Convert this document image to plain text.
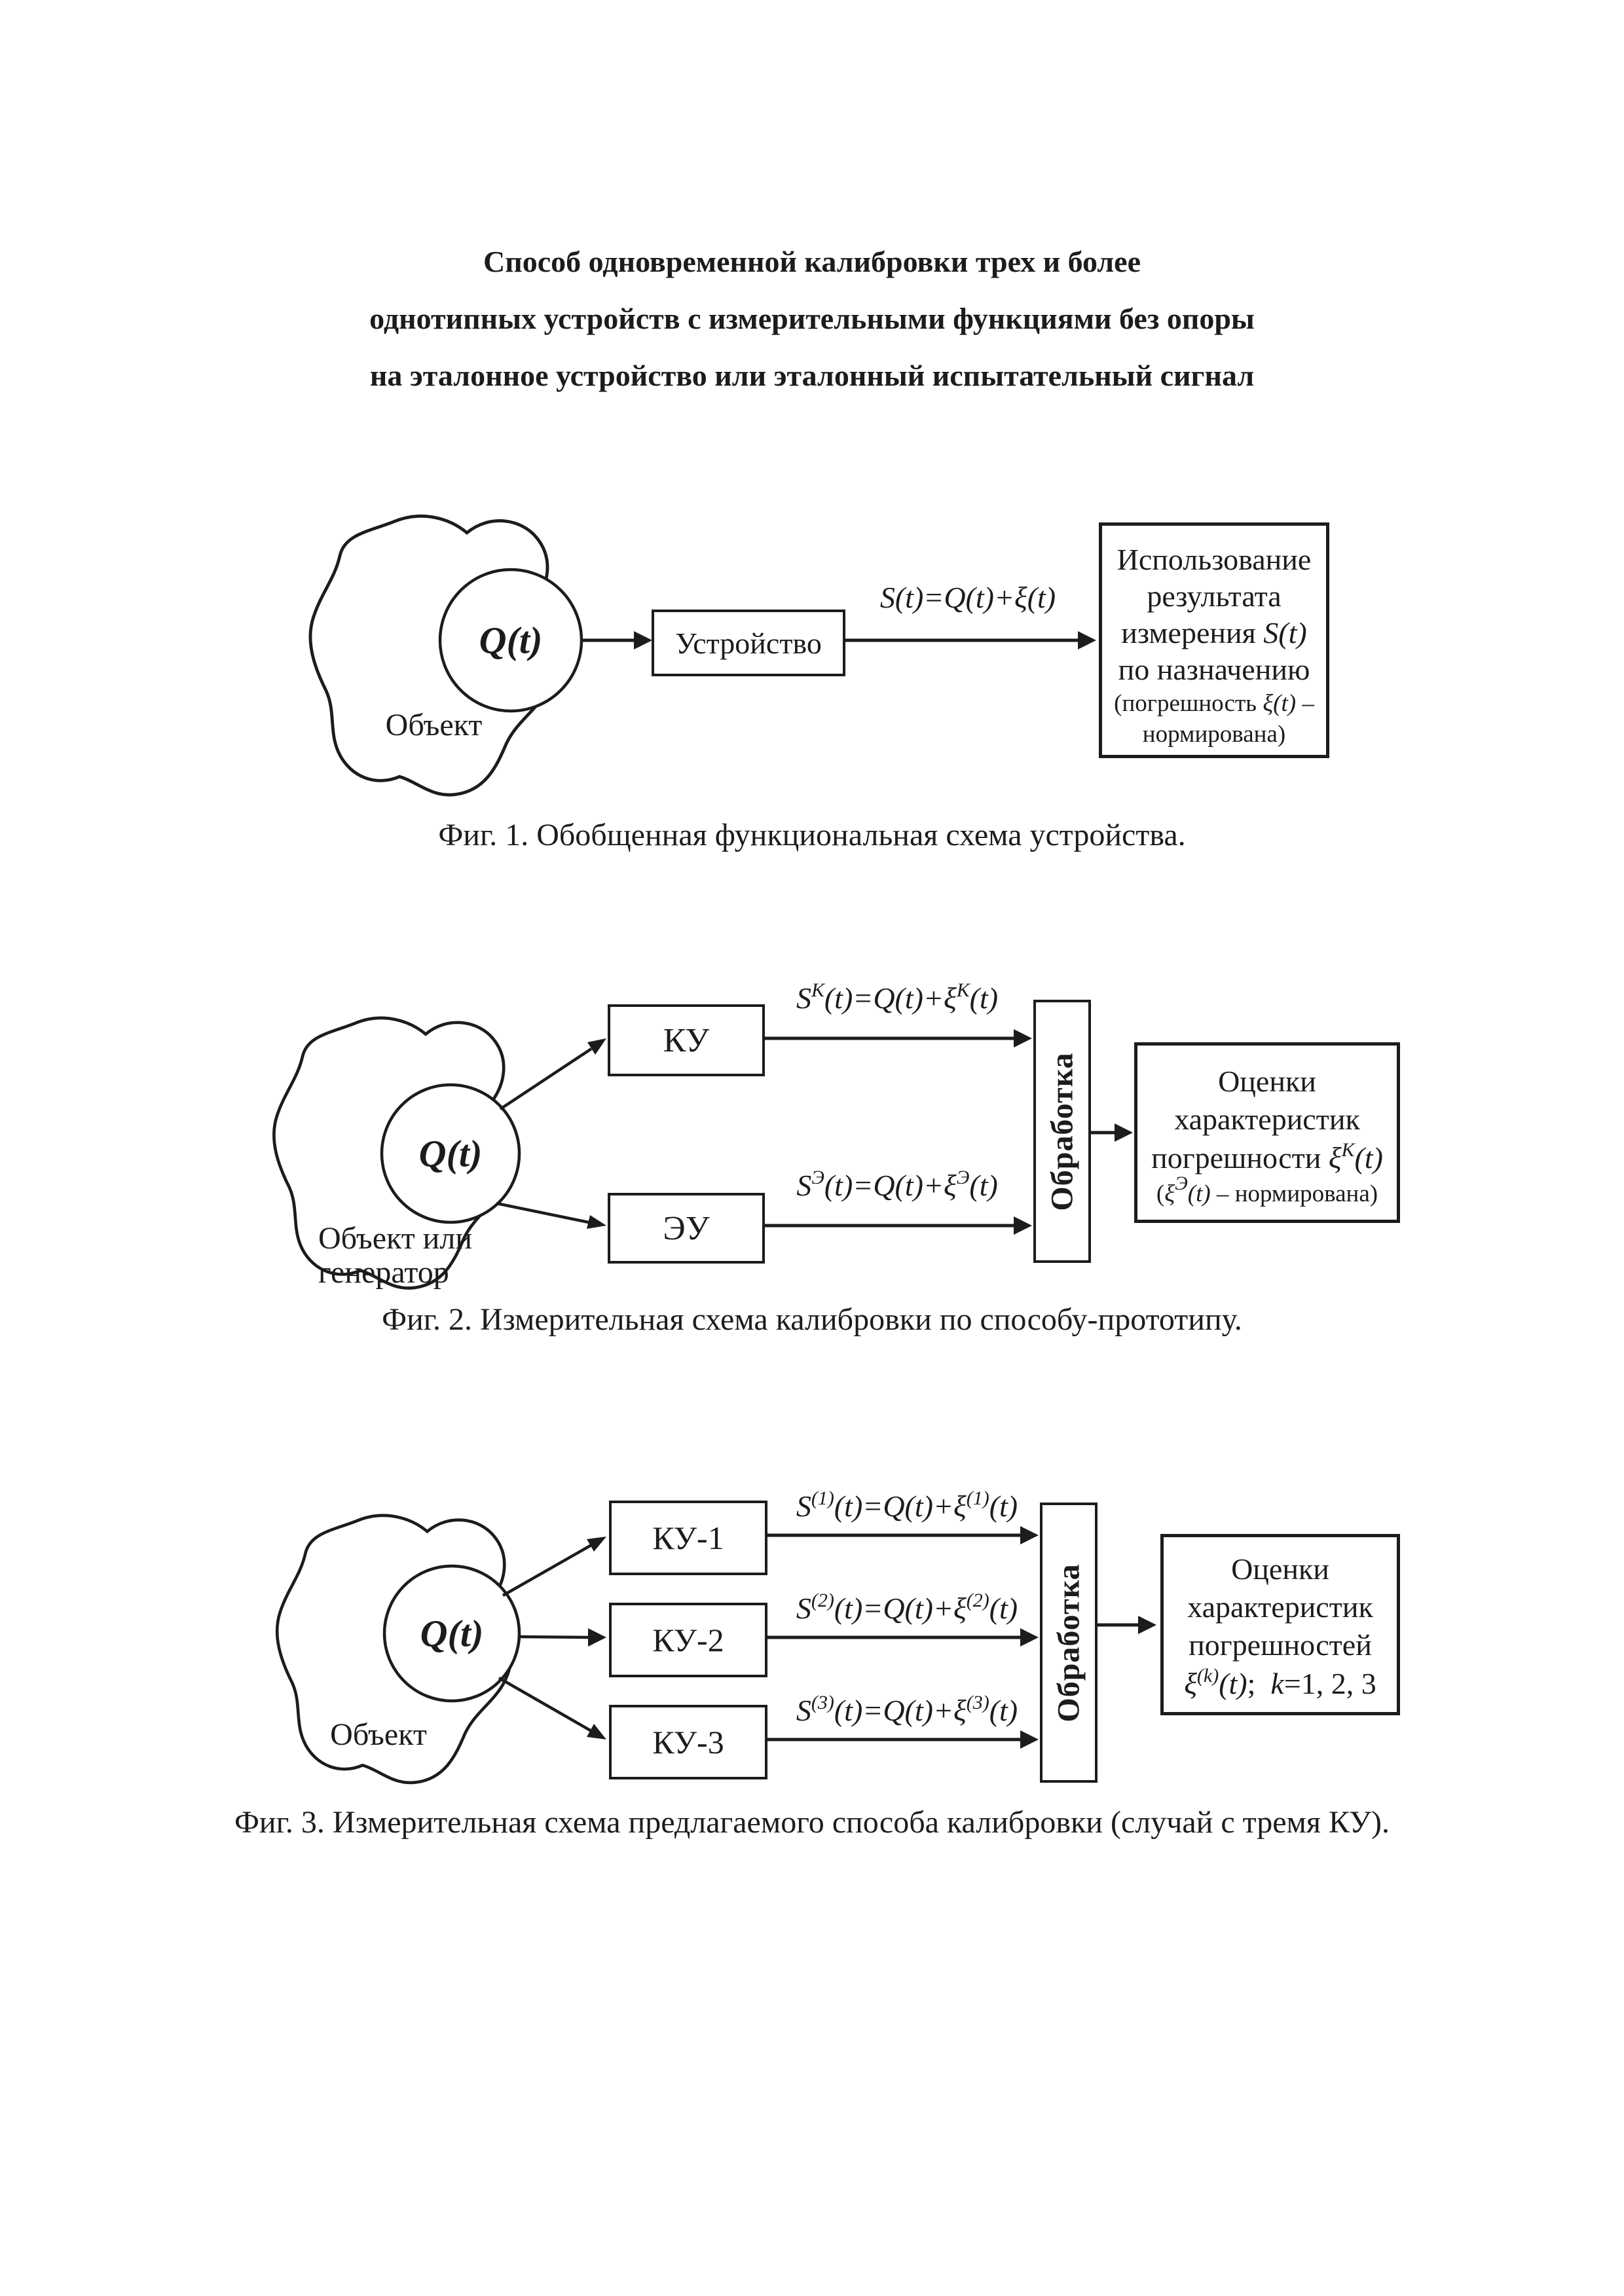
Способ одновременной калибровки трех и более
однотипных устройств с измерительными функциями без опоры
на эталонное устройство или эталонный испытательный сигнал
Q(t)
Объект
Устройство
S(t)=Q(t)+ξ(t)
Использование
результата
измерения S(t)
по назначению
(погрешность ξ(t) –
нормирована)
Фиг. 1. Обобщенная функциональная схема устройства.
Q(t)
Объект или
генератор
КУ
ЭУ
$S^К(t)=Q(t)+\xi^К(t)$
$S^Э(t)=Q(t)+\xi^Э(t)$	Обработка	Оценки
характеристик
погрешности $\xi^К(t)$
($\xi^Э(t)$ – нормирована)
Фиг. 2. Измерительная схема калибровки по способу-прототипу.
Q(t)
Объект
КУ-1
КУ-2
КУ-3
$S^{(1)}(t)=Q(t)+\xi^{(1)}(t)$
$S^{(2)}(t)=Q(t)+\xi^{(2)}(t)$
$S^{(3)}(t)=Q(t)+\xi^{(3)}(t)$	Обработка	Оценки
характеристик
погрешностей
$\xi^{(k)}(t)$;  k=1, 2, 3
Фиг. 3. Измерительная схема предлагаемого способа калибровки (случай с тремя КУ).
